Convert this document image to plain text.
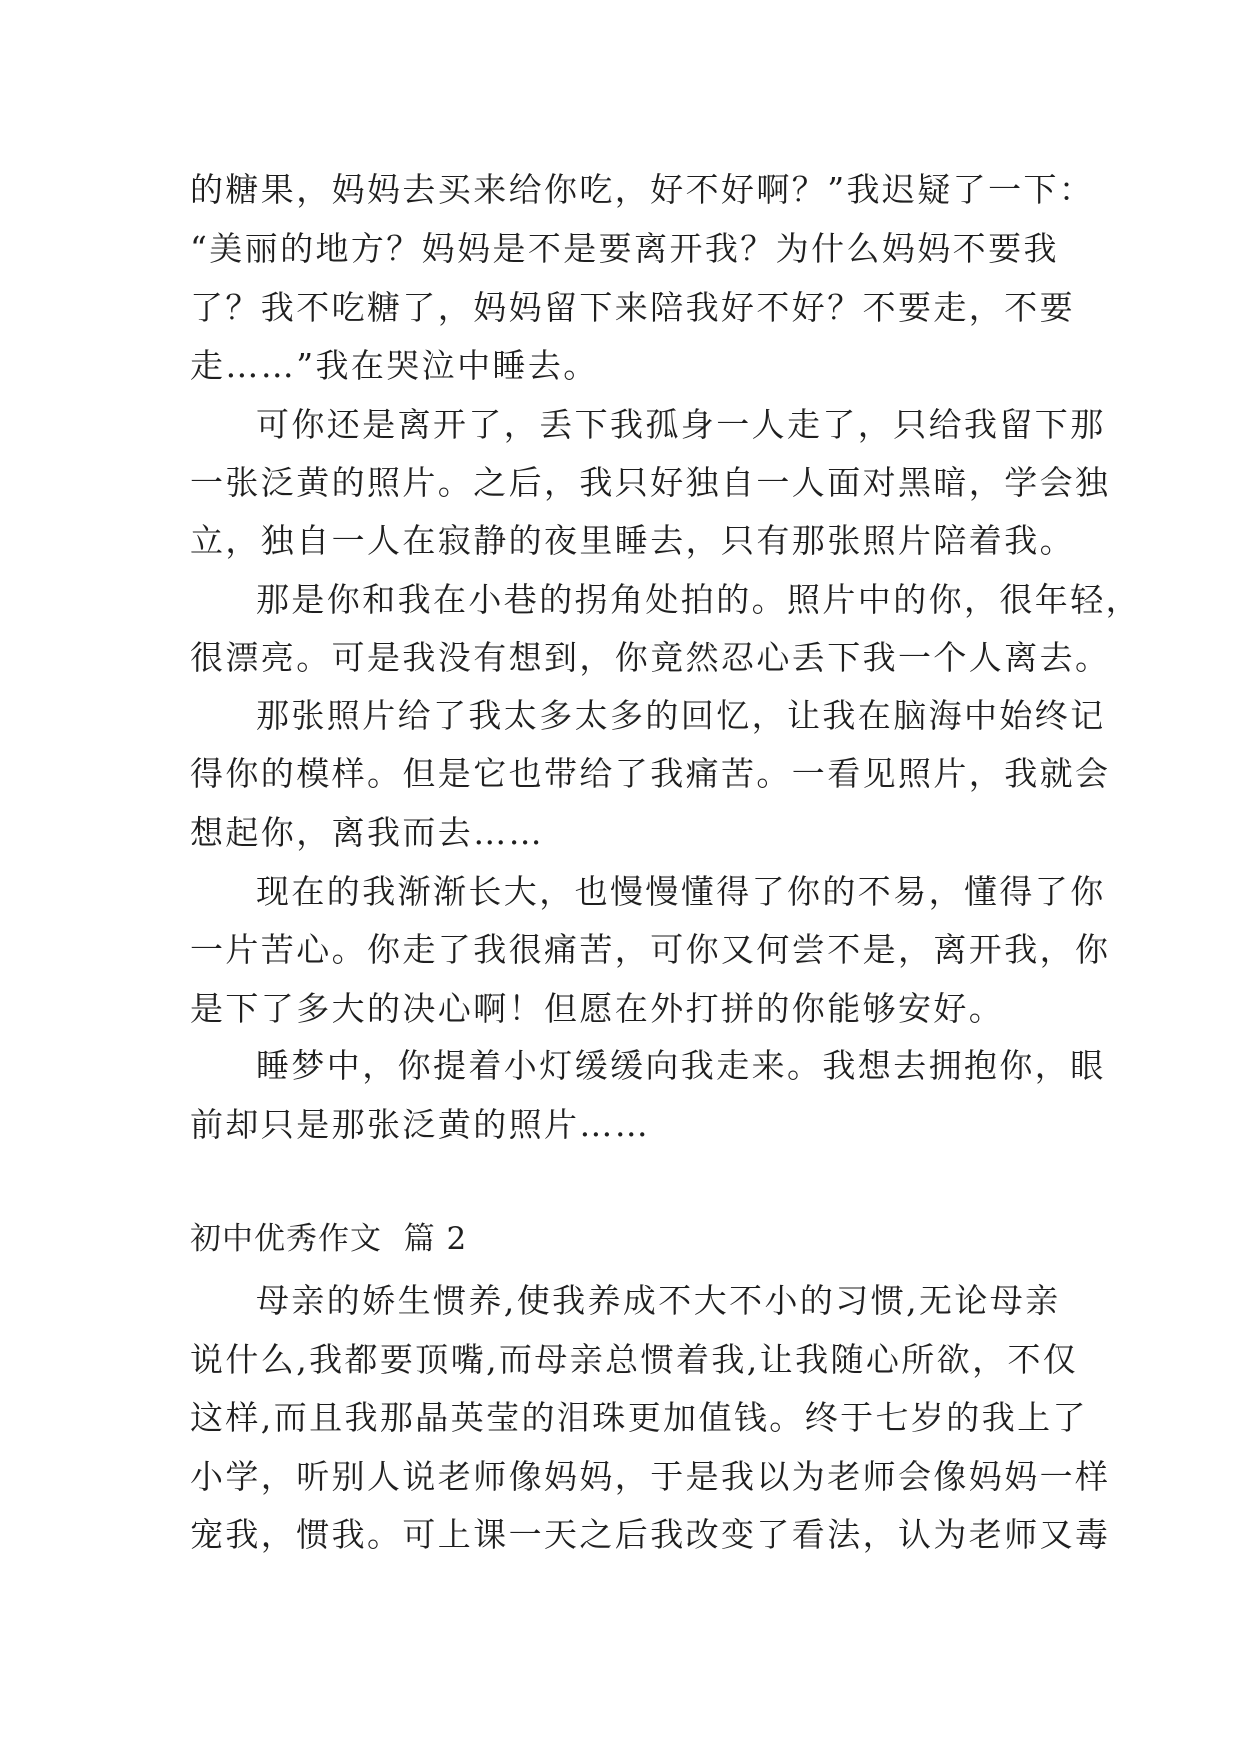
的糖果，妈妈去买来给你吃，好不好啊？”我迟疑了一下：
“美丽的地方？妈妈是不是要离开我？为什么妈妈不要我
了？我不吃糖了，妈妈留下来陪我好不好？不要走，不要
走……”我在哭泣中睡去。
可你还是离开了，丢下我孤身一人走了，只给我留下那
一张泛黄的照片。之后，我只好独自一人面对黑暗，学会独
立，独自一人在寂静的夜里睡去，只有那张照片陪着我。
那是你和我在小巷的拐角处拍的。照片中的你，很年轻，
很漂亮。可是我没有想到，你竟然忍心丢下我一个人离去。
那张照片给了我太多太多的回忆，让我在脑海中始终记
得你的模样。但是它也带给了我痛苦。一看见照片，我就会
想起你，离我而去……
现在的我渐渐长大，也慢慢懂得了你的不易，懂得了你
一片苦心。你走了我很痛苦，可你又何尝不是，离开我，你
是下了多大的决心啊！但愿在外打拼的你能够安好。
睡梦中，你提着小灯缓缓向我走来。我想去拥抱你，眼
前却只是那张泛黄的照片……
初中优秀作文  篇 2
母亲的娇生惯养,使我养成不大不小的习惯,无论母亲
说什么,我都要顶嘴,而母亲总惯着我,让我随心所欲，不仅
这样,而且我那晶英莹的泪珠更加值钱。终于七岁的我上了
小学，听别人说老师像妈妈，于是我以为老师会像妈妈一样
宠我，惯我。可上课一天之后我改变了看法，认为老师又毒
